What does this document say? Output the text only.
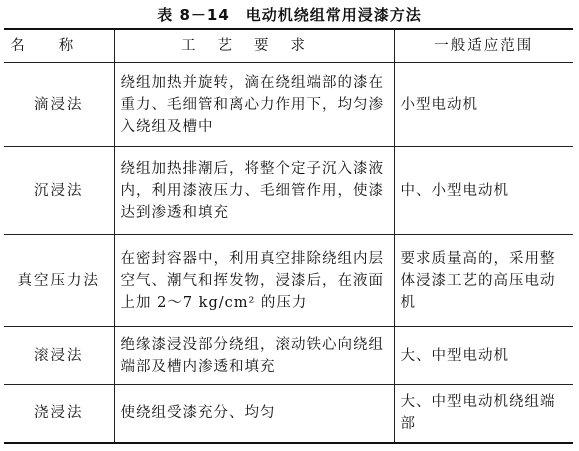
表 8－14　电动机绕组常用浸漆方法
名称	工艺要求	一般适应范围
滴浸法	绕组加热并旋转，滴在绕组端部的漆在重力、毛细管和离心力作用下，均匀渗入绕组及槽中	小型电动机
沉浸法	绕组加热排潮后，将整个定子沉入漆液内，利用漆液压力、毛细管作用，使漆达到渗透和填充	中、小型电动机
真空压力法	在密封容器中，利用真空排除绕组内层空气、潮气和挥发物，浸漆后，在液面上加 2～7 kg/cm² 的压力	要求质量高的，采用整体浸漆工艺的高压电动机
滚浸法	绝缘漆浸没部分绕组，滚动铁心向绕组端部及槽内渗透和填充	大、中型电动机
浇浸法	使绕组受漆充分、均匀	大、中型电动机绕组端部
